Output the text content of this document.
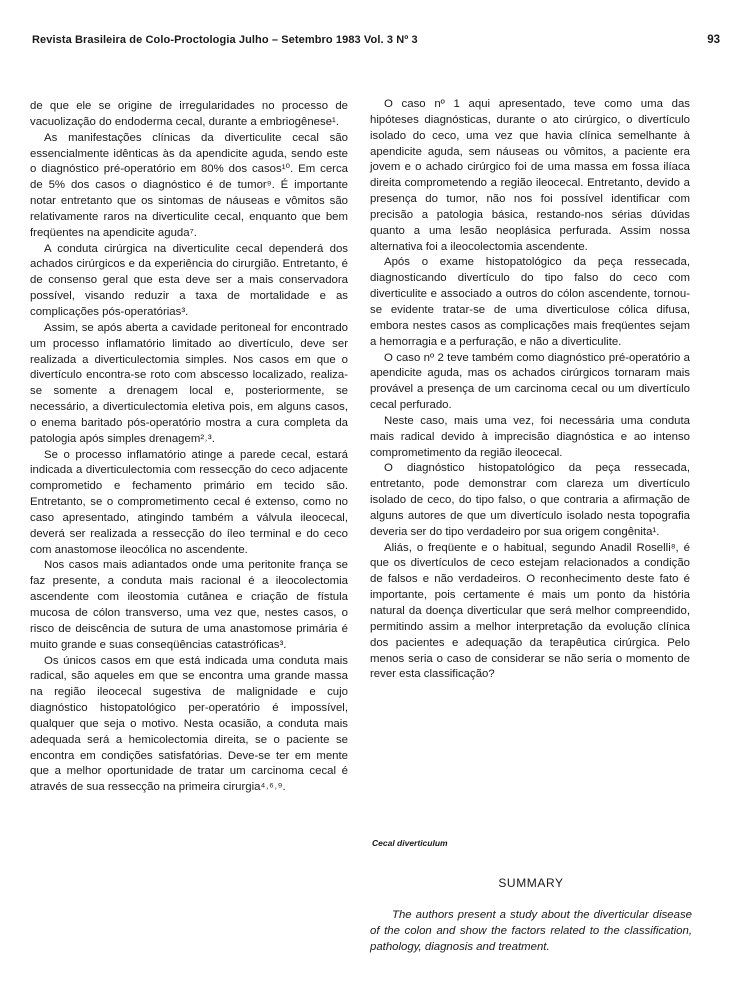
Revista Brasileira de Colo-Proctologia Julho – Setembro 1983 Vol. 3 Nº 3	93

de que ele se origine de irregularidades no processo de vacuolização do endoderma cecal, durante a embriogênese¹.

As manifestações clínicas da diverticulite cecal são essencialmente idênticas às da apendicite aguda, sendo este o diagnóstico pré-operatório em 80% dos casos¹⁰. Em cerca de 5% dos casos o diagnóstico é de tumor⁹. É importante notar entretanto que os sintomas de náuseas e vômitos são relativamente raros na diverticulite cecal, enquanto que bem freqüentes na apendicite aguda⁷.

A conduta cirúrgica na diverticulite cecal dependerá dos achados cirúrgicos e da experiência do cirurgião. Entretanto, é de consenso geral que esta deve ser a mais conservadora possível, visando reduzir a taxa de mortalidade e as complicações pós-operatórias³.

Assim, se após aberta a cavidade peritoneal for encontrado um processo inflamatório limitado ao divertículo, deve ser realizada a diverticulectomia simples. Nos casos em que o divertículo encontra-se roto com abscesso localizado, realiza-se somente a drenagem local e, posteriormente, se necessário, a diverticulectomia eletiva pois, em alguns casos, o enema baritado pós-operatório mostra a cura completa da patologia após simples drenagem²˒³.

Se o processo inflamatório atinge a parede cecal, estará indicada a diverticulectomia com ressecção do ceco adjacente comprometido e fechamento primário em tecido são. Entretanto, se o comprometimento cecal é extenso, como no caso apresentado, atingindo também a válvula ileocecal, deverá ser realizada a ressecção do íleo terminal e do ceco com anastomose ileocólica no ascendente.

Nos casos mais adiantados onde uma peritonite frança se faz presente, a conduta mais racional é a ileocolectomia ascendente com ileostomia cutânea e criação de fístula mucosa de cólon transverso, uma vez que, nestes casos, o risco de deiscência de sutura de uma anastomose primária é muito grande e suas conseqüências catastróficas³.

Os únicos casos em que está indicada uma conduta mais radical, são aqueles em que se encontra uma grande massa na região ileocecal sugestiva de malignidade e cujo diagnóstico histopatológico per-operatório é impossível, qualquer que seja o motivo. Nesta ocasião, a conduta mais adequada será a hemicolectomia direita, se o paciente se encontra em condições satisfatórias. Deve-se ter em mente que a melhor oportunidade de tratar um carcinoma cecal é através de sua ressecção na primeira cirurgia⁴˒⁶˒⁹.

O caso nº 1 aqui apresentado, teve como uma das hipóteses diagnósticas, durante o ato cirúrgico, o divertículo isolado do ceco, uma vez que havia clínica semelhante à apendicite aguda, sem náuseas ou vômitos, a paciente era jovem e o achado cirúrgico foi de uma massa em fossa ilíaca direita comprometendo a região ileocecal. Entretanto, devido a presença do tumor, não nos foi possível identificar com precisão a patologia básica, restando-nos sérias dúvidas quanto a uma lesão neoplásica perfurada. Assim nossa alternativa foi a ileocolectomia ascendente.

Após o exame histopatológico da peça ressecada, diagnosticando divertículo do tipo falso do ceco com diverticulite e associado a outros do cólon ascendente, tornou-se evidente tratar-se de uma diverticulose cólica difusa, embora nestes casos as complicações mais freqüentes sejam a hemorragia e a perfuração, e não a diverticulite.

O caso nº 2 teve também como diagnóstico pré-operatório a apendicite aguda, mas os achados cirúrgicos tornaram mais provável a presença de um carcinoma cecal ou um divertículo cecal perfurado.

Neste caso, mais uma vez, foi necessária uma conduta mais radical devido à imprecisão diagnóstica e ao intenso comprometimento da região ileocecal.

O diagnóstico histopatológico da peça ressecada, entretanto, pode demonstrar com clareza um divertículo isolado de ceco, do tipo falso, o que contraria a afirmação de alguns autores de que um divertículo isolado nesta topografia deveria ser do tipo verdadeiro por sua origem congênita¹.

Aliás, o freqüente e o habitual, segundo Anadil Roselli⁸, é que os divertículos de ceco estejam relacionados a condição de falsos e não verdadeiros. O reconhecimento deste fato é importante, pois certamente é mais um ponto da história natural da doença diverticular que será melhor compreendido, permitindo assim a melhor interpretação da evolução clínica dos pacientes e adequação da terapêutica cirúrgica. Pelo menos seria o caso de considerar se não seria o momento de rever esta classificação?

Cecal diverticulum
SUMMARY

The authors present a study about the diverticular disease of the colon and show the factors related to the classification, pathology, diagnosis and treatment.
